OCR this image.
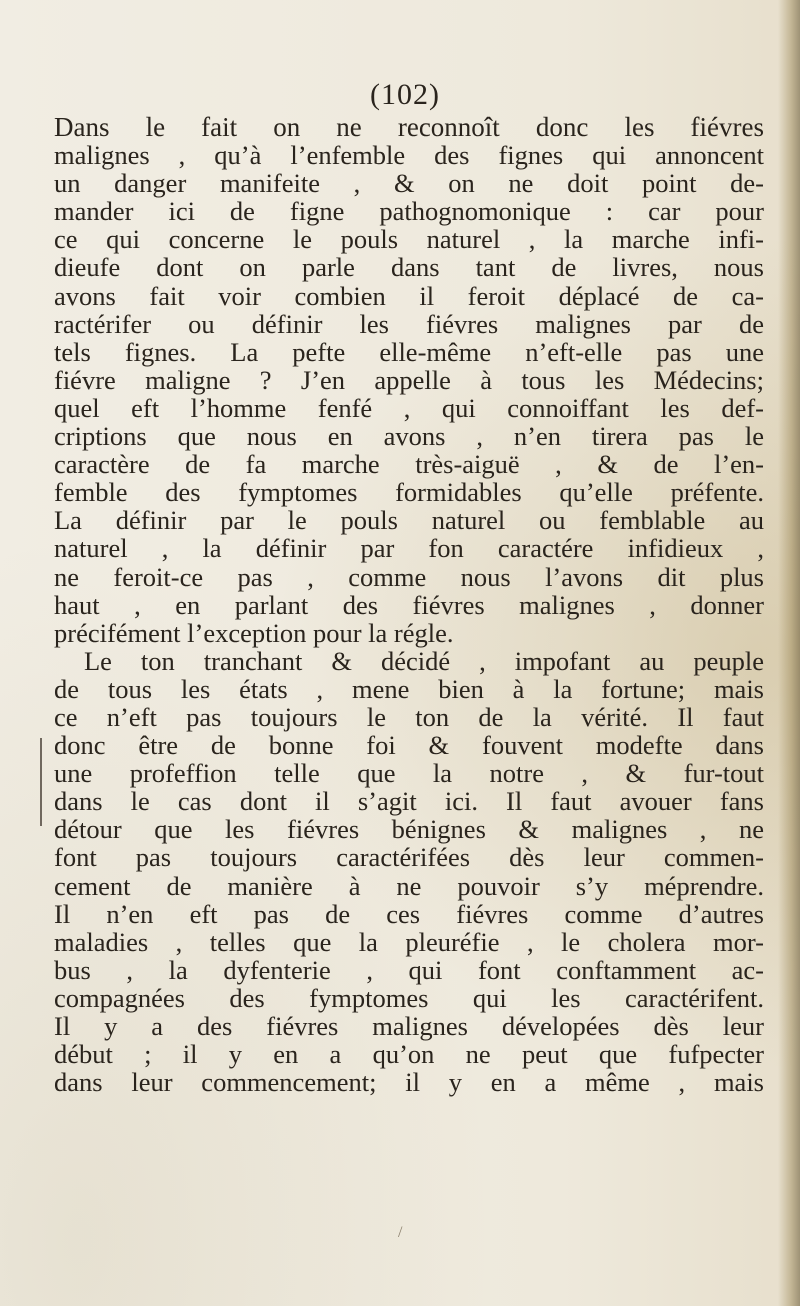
(102)
Dans le fait on ne reconnoît donc les fiévres
malignes , qu’à l’enfemble des fignes qui annoncent
un danger manifeite , & on ne doit point de-
mander ici de figne pathognomonique : car pour
ce qui concerne le pouls naturel , la marche infi-
dieufe dont on parle dans tant de livres, nous
avons fait voir combien il feroit déplacé de ca-
ractérifer ou définir les fiévres malignes par de
tels fignes. La pefte elle-même n’eft-elle pas une
fiévre maligne ? J’en appelle à tous les Médecins;
quel eft l’homme fenfé , qui connoiffant les def-
criptions que nous en avons , n’en tirera pas le
caractère de fa marche très-aiguë , & de l’en-
femble des fymptomes formidables qu’elle préfente.
La définir par le pouls naturel ou femblable au
naturel , la définir par fon caractére infidieux ,
ne feroit-ce pas , comme nous l’avons dit plus
haut , en parlant des fiévres malignes , donner
précifément l’exception pour la régle.
Le ton tranchant & décidé , impofant au peuple
de tous les états , mene bien à la fortune; mais
ce n’eft pas toujours le ton de la vérité. Il faut
donc être de bonne foi & fouvent modefte dans
une profeffion telle que la notre , & fur-tout
dans le cas dont il s’agit ici. Il faut avouer fans
détour que les fiévres bénignes & malignes , ne
font pas toujours caractérifées dès leur commen-
cement de manière à ne pouvoir s’y méprendre.
Il n’en eft pas de ces fiévres comme d’autres
maladies , telles que la pleuréfie , le cholera mor-
bus , la dyfenterie , qui font conftamment ac-
compagnées des fymptomes qui les caractérifent.
Il y a des fiévres malignes dévelopées dès leur
début ; il y en a qu’on ne peut que fufpecter
dans leur commencement; il y en a même , mais
/
